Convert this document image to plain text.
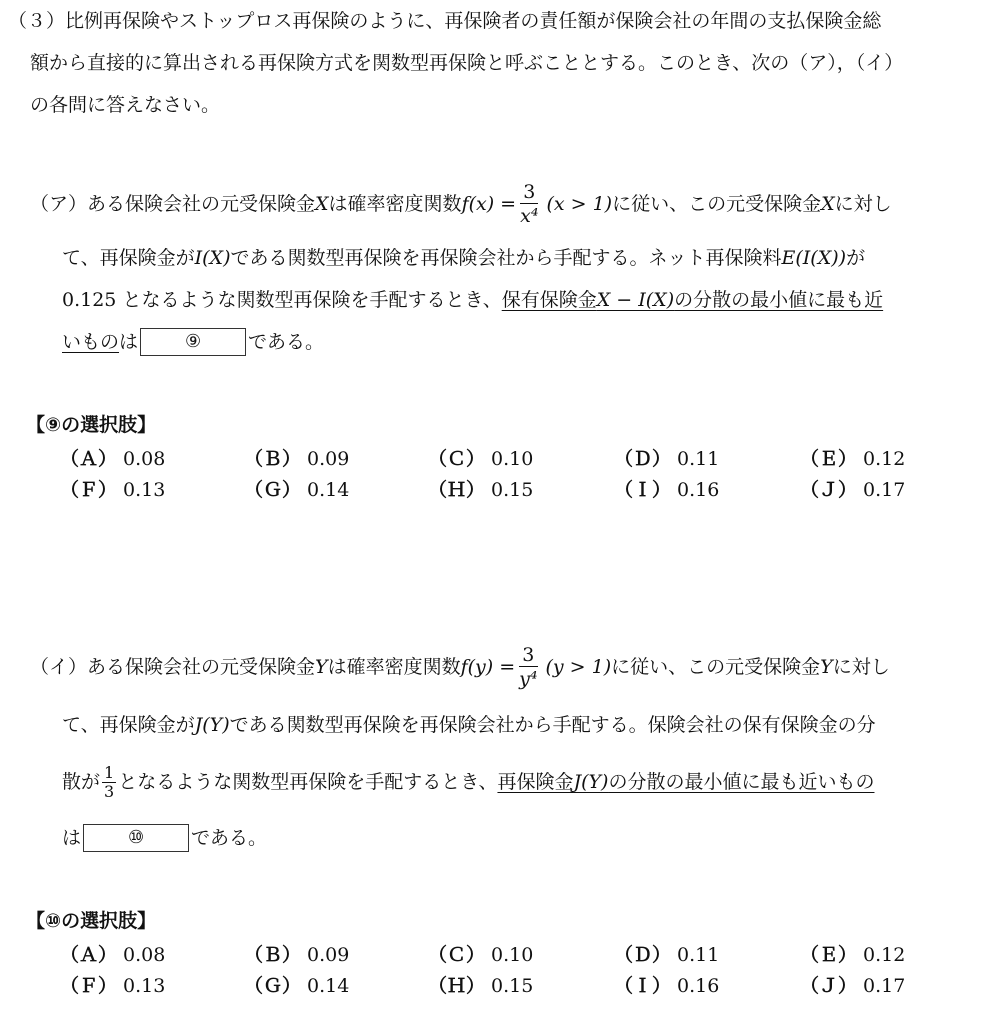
（３）比例再保険やストップロス再保険のように、再保険者の責任額が保険会社の年間の支払保険金総
額から直接的に算出される再保険方式を関数型再保険と呼ぶこととする。このとき、次の（ア），（イ）
の各問に答えなさい。
（ア）ある保険会社の元受保険金 X は確率密度関数 $f(x) = \frac{3}{\text{x⁴}} (x > 1)$ に従い、この元受保険金 X に対し
て、再保険金がI(X)である関数型再保険を再保険会社から手配する。ネット再保険料E(I(X))が
0.125 となるような関数型再保険を手配するとき、保有保険金X − I(X)の分散の最小値に最も近
いもの は	⑨	である。
【⑨の選択肢】
（Ａ） 0.08	（Ｂ） 0.09	（Ｃ） 0.10	（Ｄ） 0.11	（Ｅ） 0.12
（Ｆ） 0.13	（Ｇ） 0.14	（Ｈ） 0.15	（Ｉ） 0.16	（Ｊ） 0.17
（イ）ある保険会社の元受保険金 Y は確率密度関数 $f(y) = \frac{3}{\text{y⁴}} (y > 1)$ に従い、この元受保険金 Y に対し
て、再保険金がJ(Y)である関数型再保険を再保険会社から手配する。保険会社の保有保険金の分
散が $\frac{1}{3}$ となるような関数型再保険を手配するとき、 再保険金J(Y)の分散の最小値に最も近いもの
は	⑩	である。
【⑩の選択肢】
（Ａ） 0.08	（Ｂ） 0.09	（Ｃ） 0.10	（Ｄ） 0.11	（Ｅ） 0.12
（Ｆ） 0.13	（Ｇ） 0.14	（Ｈ） 0.15	（Ｉ） 0.16	（Ｊ） 0.17
